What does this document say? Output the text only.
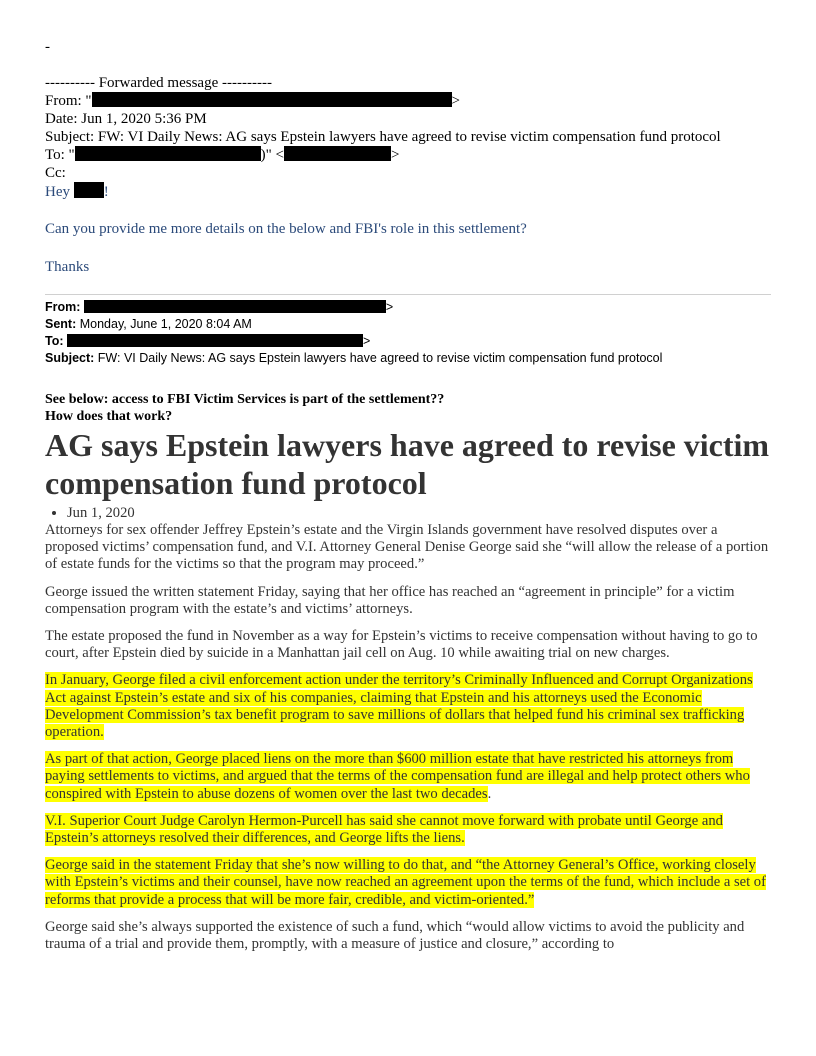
-
---------- Forwarded message ----------
From: "	>
Date: Jun 1, 2020 5:36 PM
Subject: FW: VI Daily News: AG says Epstein lawyers have agreed to revise victim compensation fund protocol
To: "	)" <	>
Cc:
Hey !
Can you provide me more details on the below and FBI's role in this settlement?
Thanks
From:	>
Sent: Monday, June 1, 2020 8:04 AM
To:	>
Subject: FW: VI Daily News: AG says Epstein lawyers have agreed to revise victim compensation fund protocol
See below: access to FBI Victim Services is part of the settlement??
How does that work?
AG says Epstein lawyers have agreed to revise victim compensation fund protocol
• Jun 1, 2020

Attorneys for sex offender Jeffrey Epstein’s estate and the Virgin Islands government have resolved disputes over a proposed victims’ compensation fund, and V.I. Attorney General Denise George said she “will allow the release of a portion of estate funds for the victims so that the program may proceed.”

George issued the written statement Friday, saying that her office has reached an “agreement in principle” for a victim compensation program with the estate’s and victims’ attorneys.

The estate proposed the fund in November as a way for Epstein’s victims to receive compensation without having to go to court, after Epstein died by suicide in a Manhattan jail cell on Aug. 10 while awaiting trial on new charges.

In January, George filed a civil enforcement action under the territory’s Criminally Influenced and Corrupt Organizations Act against Epstein’s estate and six of his companies, claiming that Epstein and his attorneys used the Economic Development Commission’s tax benefit program to save millions of dollars that helped fund his criminal sex trafficking operation.

As part of that action, George placed liens on the more than $600 million estate that have restricted his attorneys from paying settlements to victims, and argued that the terms of the compensation fund are illegal and help protect others who conspired with Epstein to abuse dozens of women over the last two decades.

V.I. Superior Court Judge Carolyn Hermon-Purcell has said she cannot move forward with probate until George and Epstein’s attorneys resolved their differences, and George lifts the liens.

George said in the statement Friday that she’s now willing to do that, and “the Attorney General’s Office, working closely with Epstein’s victims and their counsel, have now reached an agreement upon the terms of the fund, which include a set of reforms that provide a process that will be more fair, credible, and victim-oriented.”

George said she’s always supported the existence of such a fund, which “would allow victims to avoid the publicity and trauma of a trial and provide them, promptly, with a measure of justice and closure,” according to
